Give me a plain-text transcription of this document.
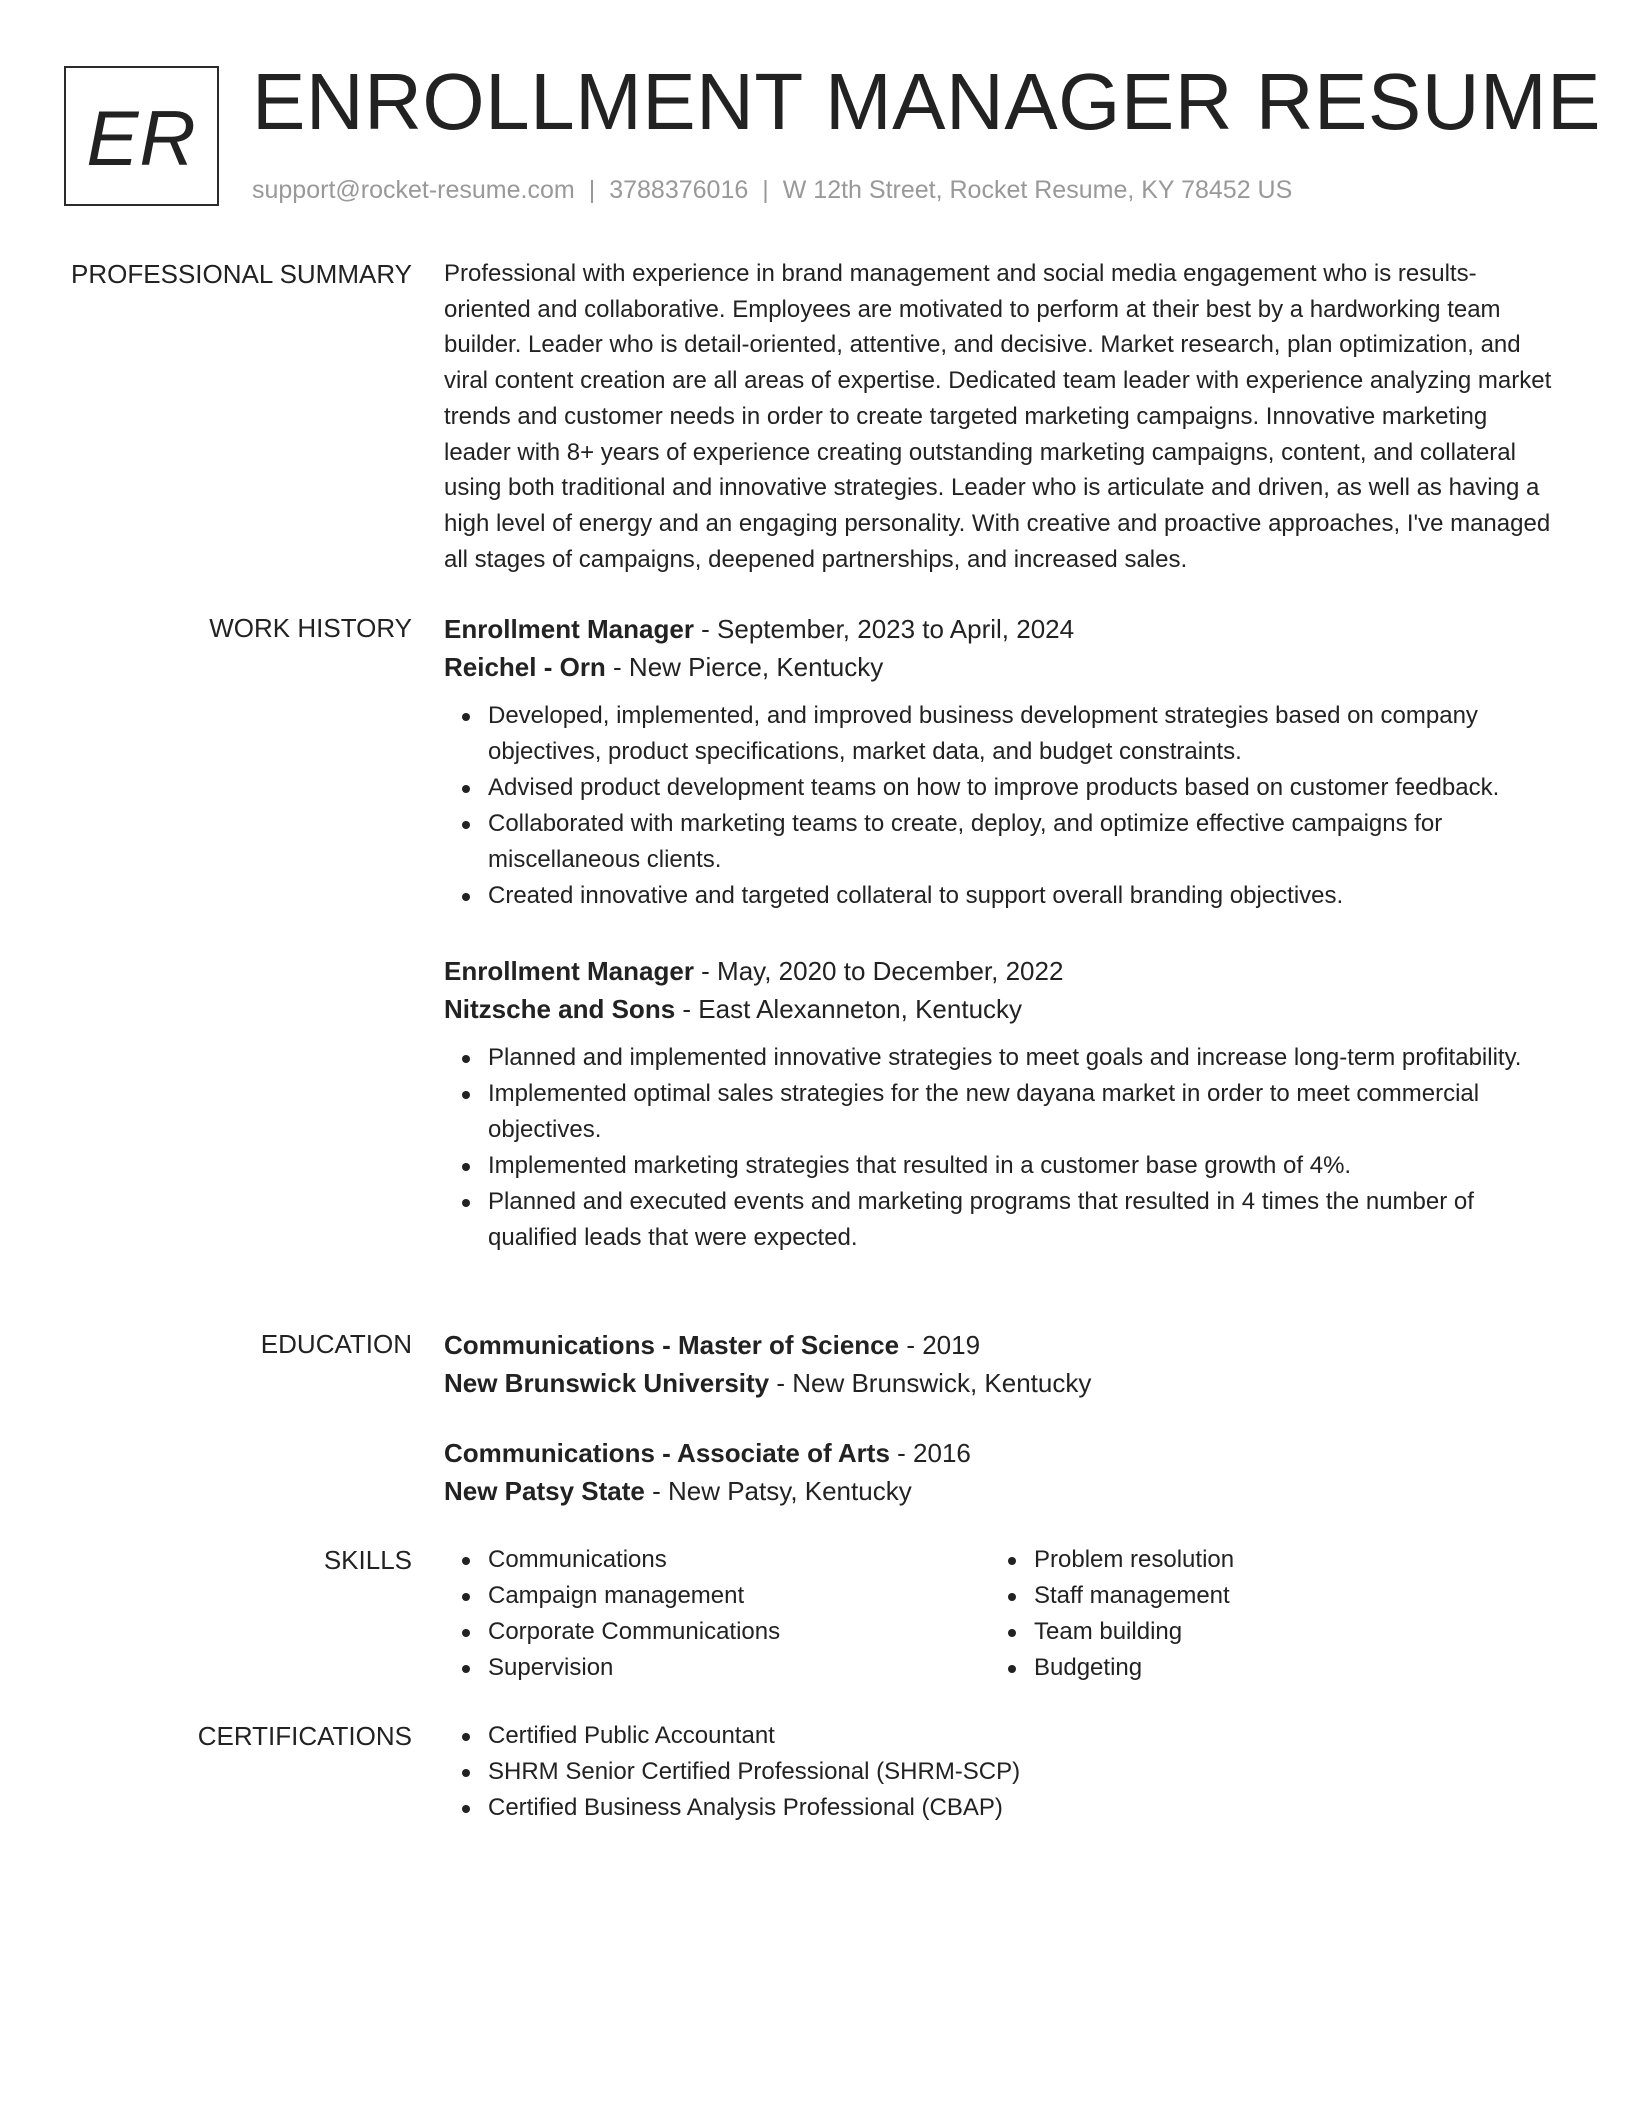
ER ENROLLMENT MANAGER RESUME
support@rocket-resume.com | 3788376016 | W 12th Street, Rocket Resume, KY 78452 US
PROFESSIONAL SUMMARY Professional with experience in brand management and social media engagement who is results-oriented and collaborative. Employees are motivated to perform at their best by a hardworking team builder. Leader who is detail-oriented, attentive, and decisive. Market research, plan optimization, and viral content creation are all areas of expertise. Dedicated team leader with experience analyzing market trends and customer needs in order to create targeted marketing campaigns. Innovative marketing leader with 8+ years of experience creating outstanding marketing campaigns, content, and collateral using both traditional and innovative strategies. Leader who is articulate and driven, as well as having a high level of energy and an engaging personality. With creative and proactive approaches, I've managed all stages of campaigns, deepened partnerships, and increased sales.

WORK HISTORY Enrollment Manager - September, 2023 to April, 2024
Reichel - Orn - New Pierce, Kentucky
Developed, implemented, and improved business development strategies based on company objectives, product specifications, market data, and budget constraints.
Advised product development teams on how to improve products based on customer feedback.
Collaborated with marketing teams to create, deploy, and optimize effective campaigns for miscellaneous clients.
Created innovative and targeted collateral to support overall branding objectives.
Enrollment Manager - May, 2020 to December, 2022
Nitzsche and Sons - East Alexanneton, Kentucky
Planned and implemented innovative strategies to meet goals and increase long-term profitability.
Implemented optimal sales strategies for the new dayana market in order to meet commercial objectives.
Implemented marketing strategies that resulted in a customer base growth of 4%.
Planned and executed events and marketing programs that resulted in 4 times the number of qualified leads that were expected.
EDUCATION Communications - Master of Science - 2019
New Brunswick University - New Brunswick, Kentucky
Communications - Associate of Arts - 2016
New Patsy State - New Patsy, Kentucky
SKILLS	Communications
Campaign management
Corporate Communications
Supervision
Problem resolution
Staff management
Team building
Budgeting
CERTIFICATIONS	Certified Public Accountant
SHRM Senior Certified Professional (SHRM-SCP)
Certified Business Analysis Professional (CBAP)
